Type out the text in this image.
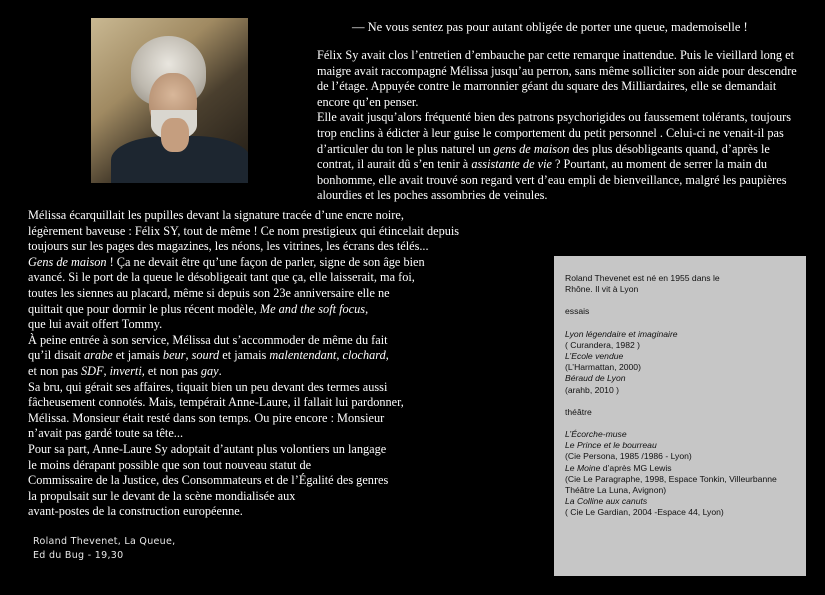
— Ne vous sentez pas pour autant obligée de porter une queue, mademoiselle !

Félix Sy avait clos l’entretien d’embauche par cette remarque inattendue. Puis le vieillard long et maigre avait raccompagné Mélissa jusqu’au perron, sans même solliciter son aide pour descendre de l’étage. Appuyée contre le marronnier géant du square des Milliardaires, elle se demandait encore qu’en penser.

Elle avait jusqu’alors fréquenté bien des patrons psychorigides ou faussement tolérants, toujours trop enclins à édicter à leur guise le comportement du petit personnel . Celui-ci ne venait-il pas d’articuler du ton le plus naturel un gens de maison des plus désobligeants quand, d’après le contrat, il aurait dû s’en tenir à assistante de vie ? Pourtant, au moment de serrer la main du bonhomme, elle avait trouvé son regard vert d’eau empli de bienveillance, malgré les paupières alourdies et les poches assombries de veinules.

Mélissa écarquillait les pupilles devant la signature tracée d’une encre noire,

légèrement baveuse : Félix SY, tout de même ! Ce nom prestigieux qui étincelait depuis

toujours sur les pages des magazines, les néons, les vitrines, les écrans des télés...

Gens de maison ! Ça ne devait être qu’une façon de parler, signe de son âge bien

avancé. Si le port de la queue le désobligeait tant que ça, elle laisserait, ma foi,

toutes les siennes au placard, même si depuis son 23e anniversaire elle ne

quittait que pour dormir le plus récent modèle, Me and the soft focus,

que lui avait offert Tommy.

À peine entrée à son service, Mélissa dut s’accommoder de même du fait

qu’il disait arabe et jamais beur, sourd et jamais malentendant, clochard,

et non pas SDF, inverti, et non pas gay.

Sa bru, qui gérait ses affaires, tiquait bien un peu devant des termes aussi

fâcheusement connotés. Mais, tempérait Anne-Laure, il fallait lui pardonner,

Mélissa. Monsieur était resté dans son temps. Ou pire encore : Monsieur

n’avait pas gardé toute sa tête...

Pour sa part, Anne-Laure Sy adoptait d’autant plus volontiers un langage

le moins dérapant possible que son tout nouveau statut de

Commissaire de la Justice, des Consommateurs et de l’Égalité des genres

la propulsait sur le devant de la scène mondialisée aux

avant-postes de la construction européenne.

Roland Thevenet, La Queue,
Ed du Bug - 19,30
Roland Thevenet est né en 1955 dans le
Rhône. Il vit à Lyon
essais
Lyon légendaire et imaginaire
( Curandera, 1982 )
L’Ecole vendue
(L’Harmattan, 2000)
Béraud de Lyon
(arahb, 2010 )
théâtre
L’Écorche-muse
Le Prince et le bourreau
(Cie Persona, 1985 /1986 - Lyon)
Le Moine d’après MG Lewis
(Cie Le Paragraphe, 1998, Espace Tonkin, Villeurbanne
Théâtre La Luna, Avignon)
La Colline aux canuts
( Cie Le Gardian, 2004 -Espace 44, Lyon)
